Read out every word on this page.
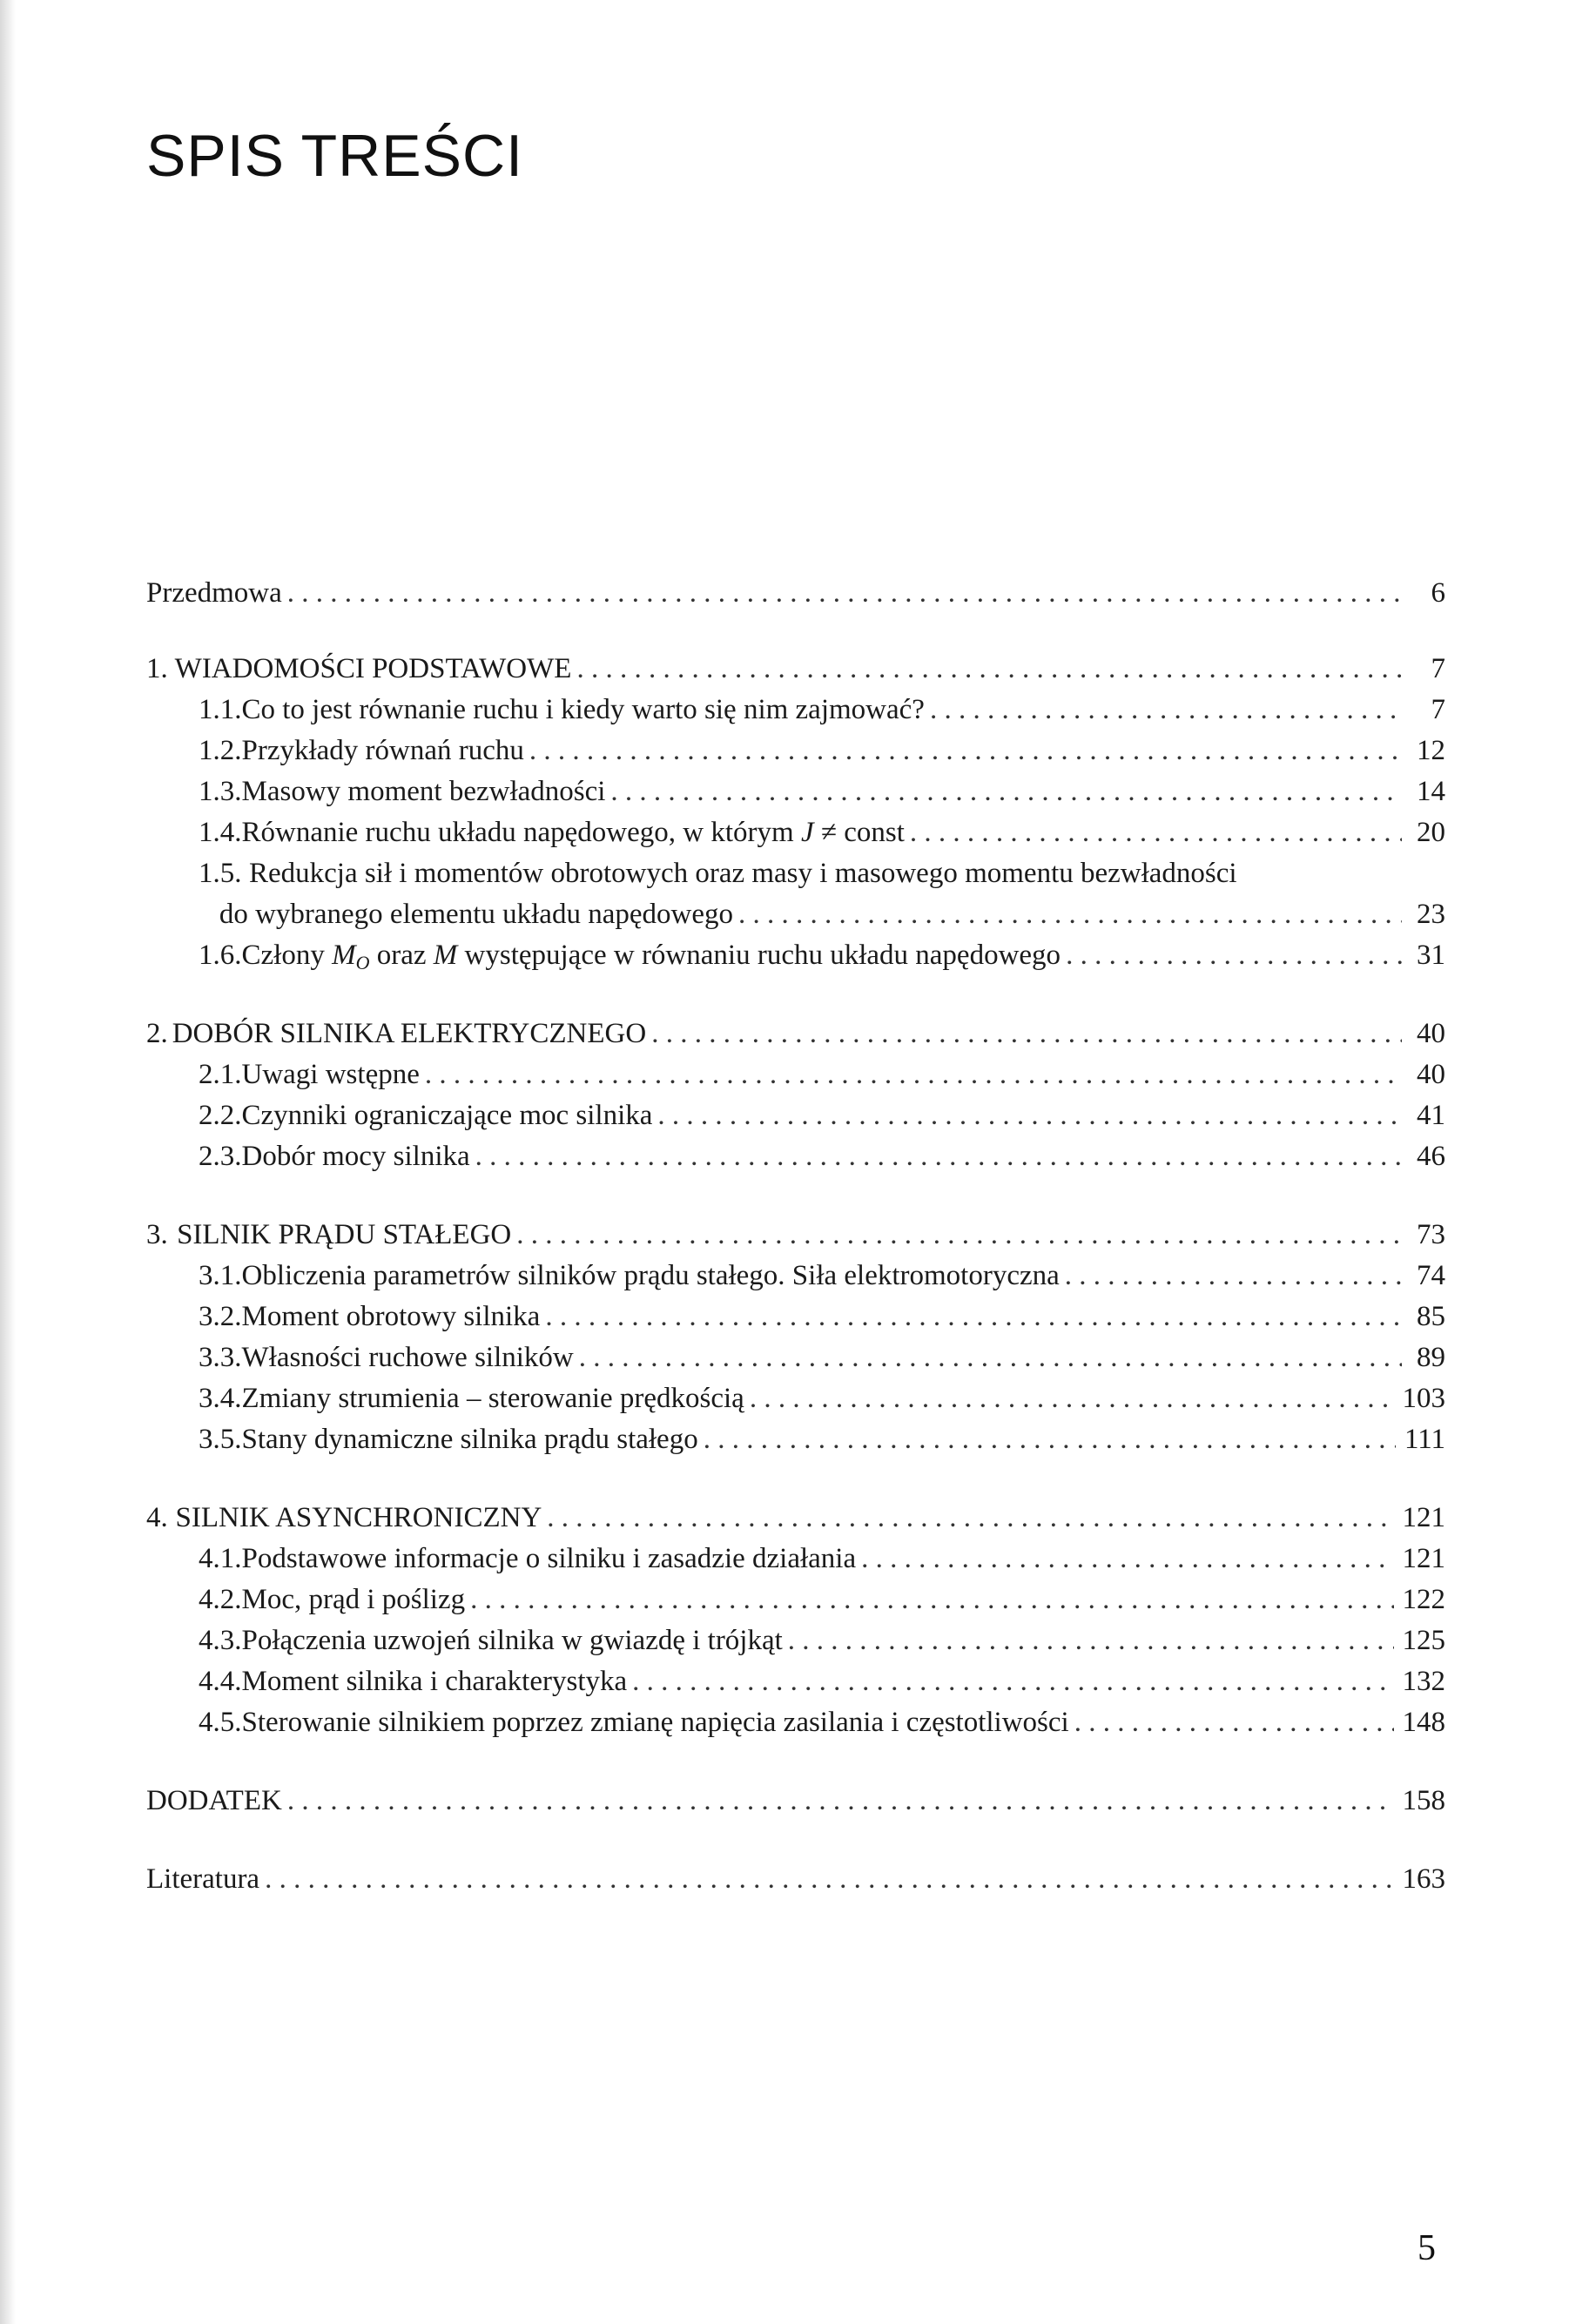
SPIS TREŚCI
Przedmowa . . .	6
1. WIADOMOŚCI PODSTAWOWE . . .	7
1.1. Co to jest równanie ruchu i kiedy warto się nim zajmować? . . .	7
1.2. Przykłady równań ruchu . . .	12
1.3. Masowy moment bezwładności . . .	14
1.4. Równanie ruchu układu napędowego, w którym J ≠ const . . .	20
1.5. Redukcja sił i momentów obrotowych oraz masy i masowego momentu bezwładności
do wybranego elementu układu napędowego . . .	23
1.6. Człony $M_O$ oraz M występujące w równaniu ruchu układu napędowego . . .	31
2. DOBÓR SILNIKA ELEKTRYCZNEGO . . .	40
2.1. Uwagi wstępne . . .	40
2.2. Czynniki ograniczające moc silnika . . .	41
2.3. Dobór mocy silnika . . .	46
3. SILNIK PRĄDU STAŁEGO . . .	73
3.1. Obliczenia parametrów silników prądu stałego. Siła elektromotoryczna . . .	74
3.2. Moment obrotowy silnika . . .	85
3.3. Własności ruchowe silników . . .	89
3.4. Zmiany strumienia – sterowanie prędkością . . .	103
3.5. Stany dynamiczne silnika prądu stałego . . .	111
4. SILNIK ASYNCHRONICZNY . . .	121
4.1. Podstawowe informacje o silniku i zasadzie działania . . .	121
4.2. Moc, prąd i poślizg . . .	122
4.3. Połączenia uzwojeń silnika w gwiazdę i trójkąt . . .	125
4.4. Moment silnika i charakterystyka . . .	132
4.5. Sterowanie silnikiem poprzez zmianę napięcia zasilania i częstotliwości . . .	148
DODATEK . . .	158
Literatura . . .	163
5
